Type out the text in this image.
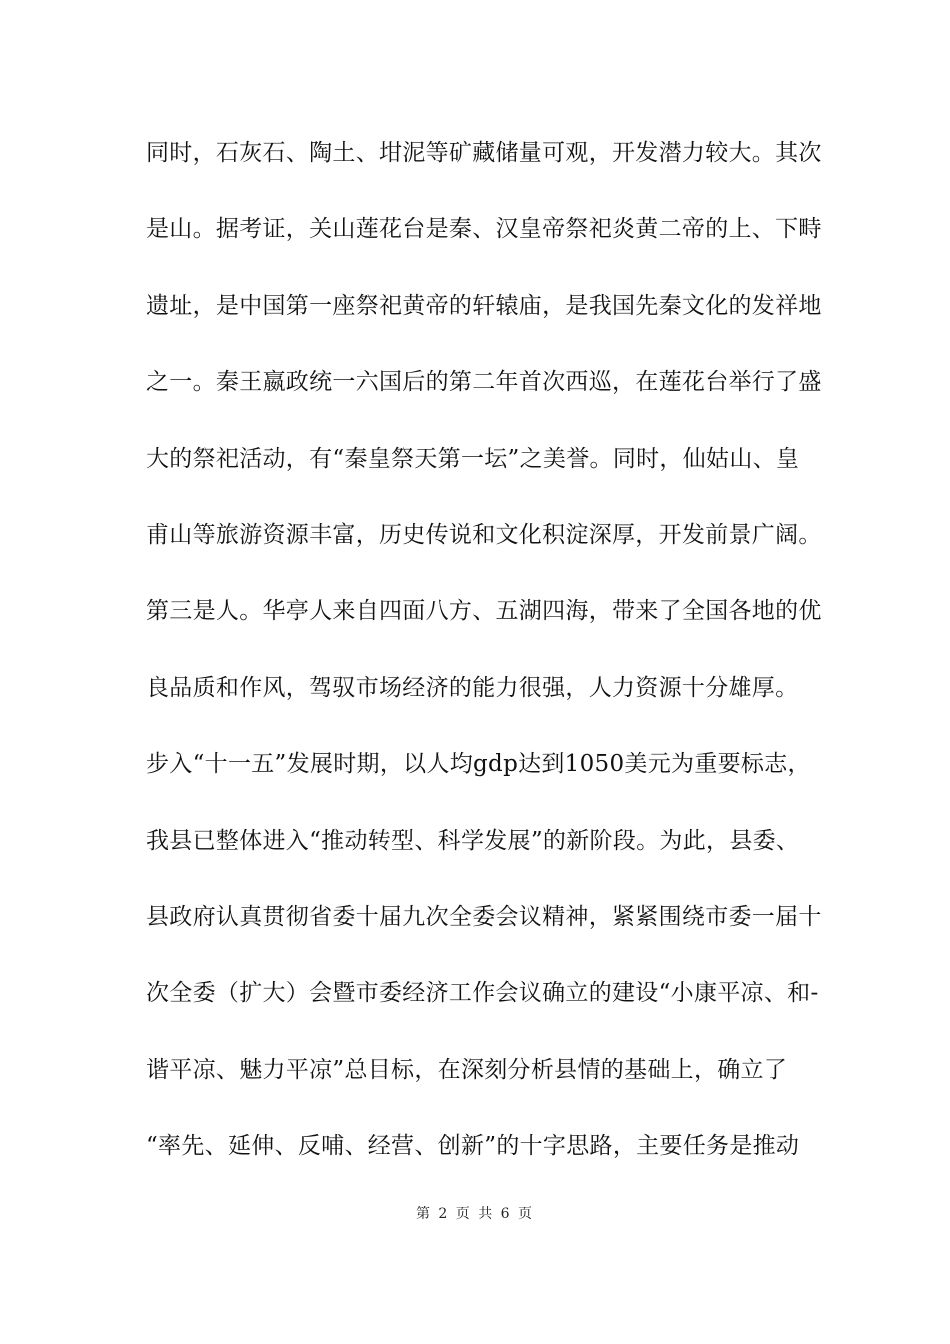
同时，石灰石、陶土、坩泥等矿藏储量可观，开发潜力较大。其次
是山。据考证，关山莲花台是秦、汉皇帝祭祀炎黄二帝的上、下畤
遗址，是中国第一座祭祀黄帝的轩辕庙，是我国先秦文化的发祥地
之一。秦王嬴政统一六国后的第二年首次西巡，在莲花台举行了盛
大的祭祀活动，有“秦皇祭天第一坛”之美誉。同时，仙姑山、皇
甫山等旅游资源丰富，历史传说和文化积淀深厚，开发前景广阔。
第三是人。华亭人来自四面八方、五湖四海，带来了全国各地的优
良品质和作风，驾驭市场经济的能力很强，人力资源十分雄厚。
步入“十一五”发展时期，以人均gdp达到1050美元为重要标志，
我县已整体进入“推动转型、科学发展”的新阶段。为此，县委、
县政府认真贯彻省委十届九次全委会议精神，紧紧围绕市委一届十
次全委（扩大）会暨市委经济工作会议确立的建设“小康平凉、和-
谐平凉、魅力平凉”总目标，在深刻分析县情的基础上，确立了
“率先、延伸、反哺、经营、创新”的十字思路，主要任务是推动
第 2 页 共 6 页
